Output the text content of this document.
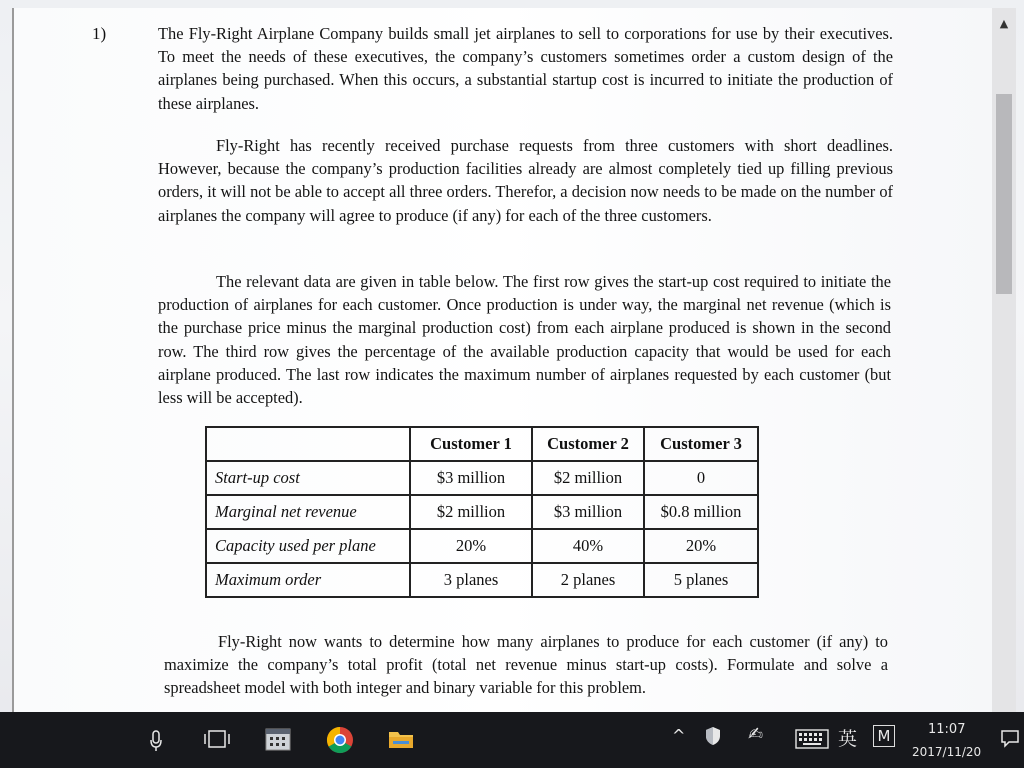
1)	The Fly-Right Airplane Company builds small jet airplanes to sell to corporations for use by their executives. To meet the needs of these executives, the company’s customers sometimes order a custom design of the airplanes being purchased. When this occurs, a substantial startup cost is incurred to initiate the production of these airplanes.

Fly-Right has recently received purchase requests from three customers with short deadlines. However, because the company’s production facilities already are almost completely tied up filling previous orders, it will not be able to accept all three orders. Therefor, a decision now needs to be made on the number of airplanes the company will agree to produce (if any) for each of the three customers.

The relevant data are given in table below. The first row gives the start-up cost required to initiate the production of airplanes for each customer. Once production is under way, the marginal net revenue (which is the purchase price minus the marginal production cost) from each airplane produced is shown in the second row. The third row gives the percentage of the available production capacity that would be used for each airplane produced. The last row indicates the maximum number of airplanes requested by each customer (but less will be accepted).

	Customer 1	Customer 2	Customer 3
Start-up cost	$3 million	$2 million	0
Marginal net revenue	$2 million	$3 million	$0.8 million
Capacity used per plane	20%	40%	20%
Maximum order	3 planes	2 planes	5 planes

Fly-Right now wants to determine how many airplanes to produce for each customer (if any) to maximize the company’s total profit (total net revenue minus start-up costs). Formulate and solve a spreadsheet model with both integer and binary variable for this problem.

▲
^	✍	英	M	11:07
2017/11/20
